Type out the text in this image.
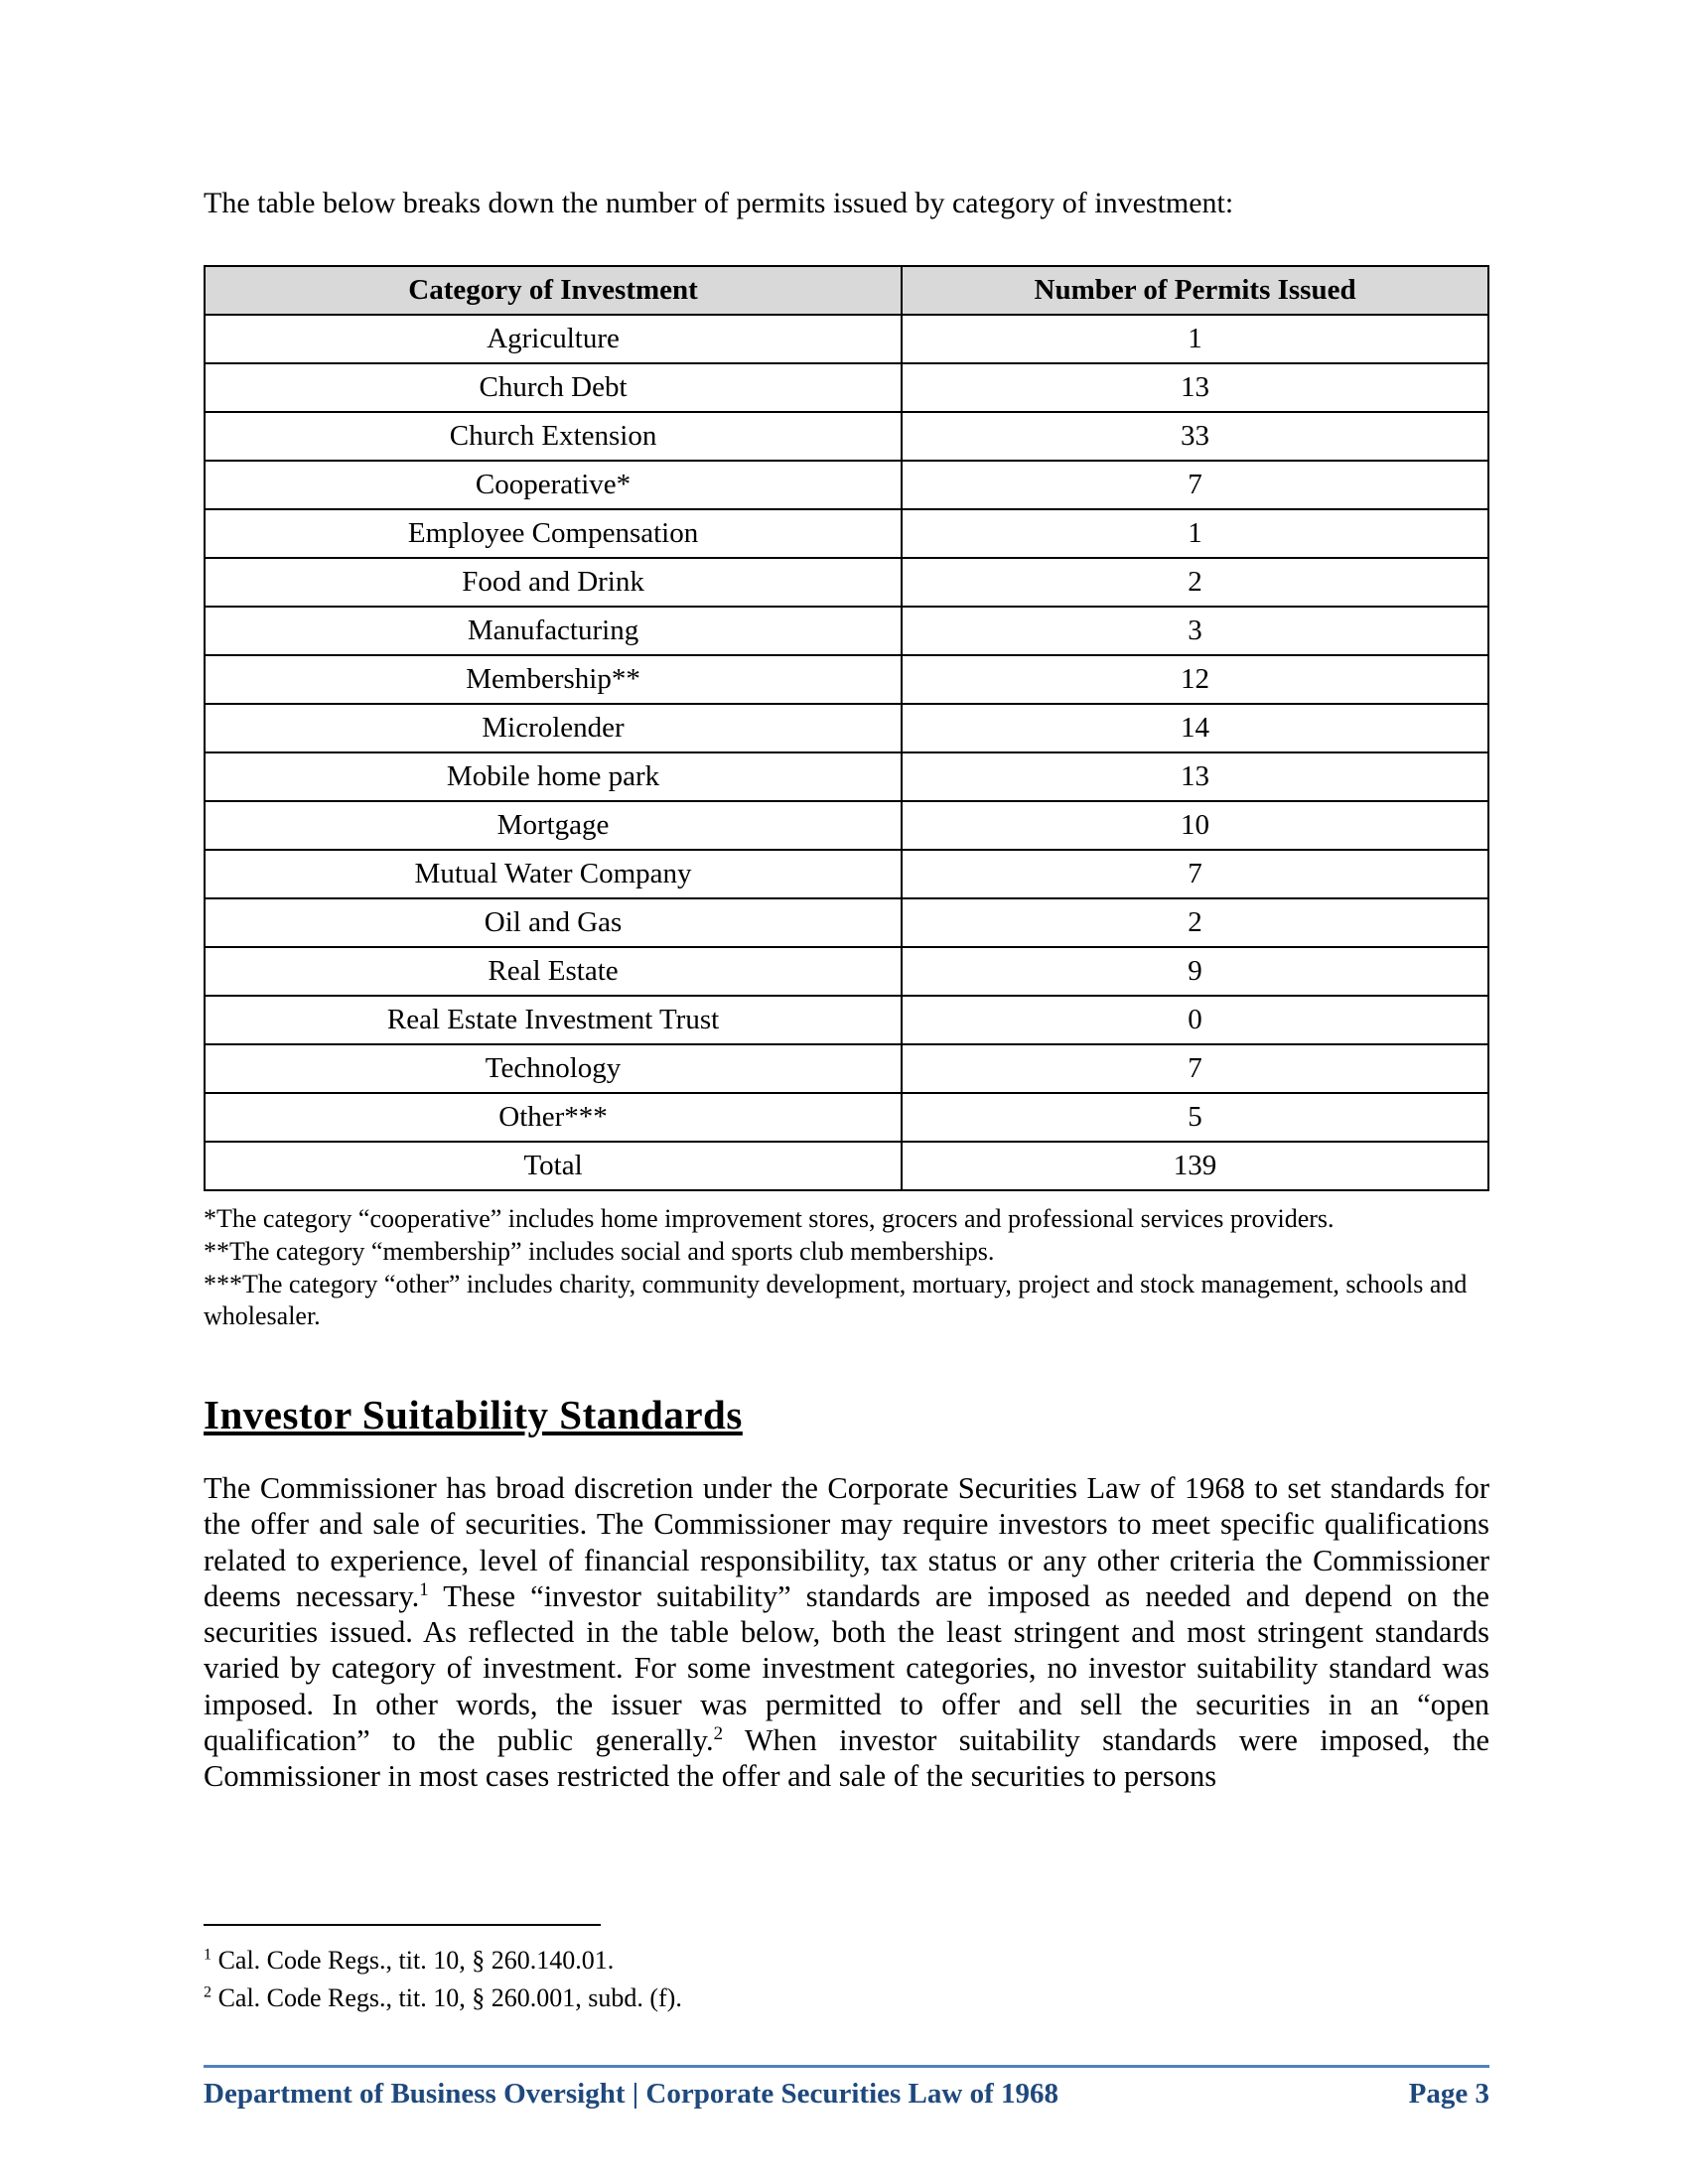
The table below breaks down the number of permits issued by category of investment:

Category of Investment	Number of Permits Issued
Agriculture	1
Church Debt	13
Church Extension	33
Cooperative*	7
Employee Compensation	1
Food and Drink	2
Manufacturing	3
Membership**	12
Microlender	14
Mobile home park	13
Mortgage	10
Mutual Water Company	7
Oil and Gas	2
Real Estate	9
Real Estate Investment Trust	0
Technology	7
Other***	5
Total	139
*The category “cooperative” includes home improvement stores, grocers and professional services providers.
**The category “membership” includes social and sports club memberships.
***The category “other” includes charity, community development, mortuary, project and stock management, schools and wholesaler.
Investor Suitability Standards

The Commissioner has broad discretion under the Corporate Securities Law of 1968 to set standards for the offer and sale of securities. The Commissioner may require investors to meet specific qualifications related to experience, level of financial responsibility, tax status or any other criteria the Commissioner deems necessary.$^1$ These “investor suitability” standards are imposed as needed and depend on the securities issued. As reflected in the table below, both the least stringent and most stringent standards varied by category of investment. For some investment categories, no investor suitability standard was imposed. In other words, the issuer was permitted to offer and sell the securities in an “open qualification” to the public generally.$^2$ When investor suitability standards were imposed, the Commissioner in most cases restricted the offer and sale of the securities to persons

$^1$ Cal. Code Regs., tit. 10, § 260.140.01.
$^2$ Cal. Code Regs., tit. 10, § 260.001, subd. (f).
Department of Business Oversight | Corporate Securities Law of 1968	Page 3
